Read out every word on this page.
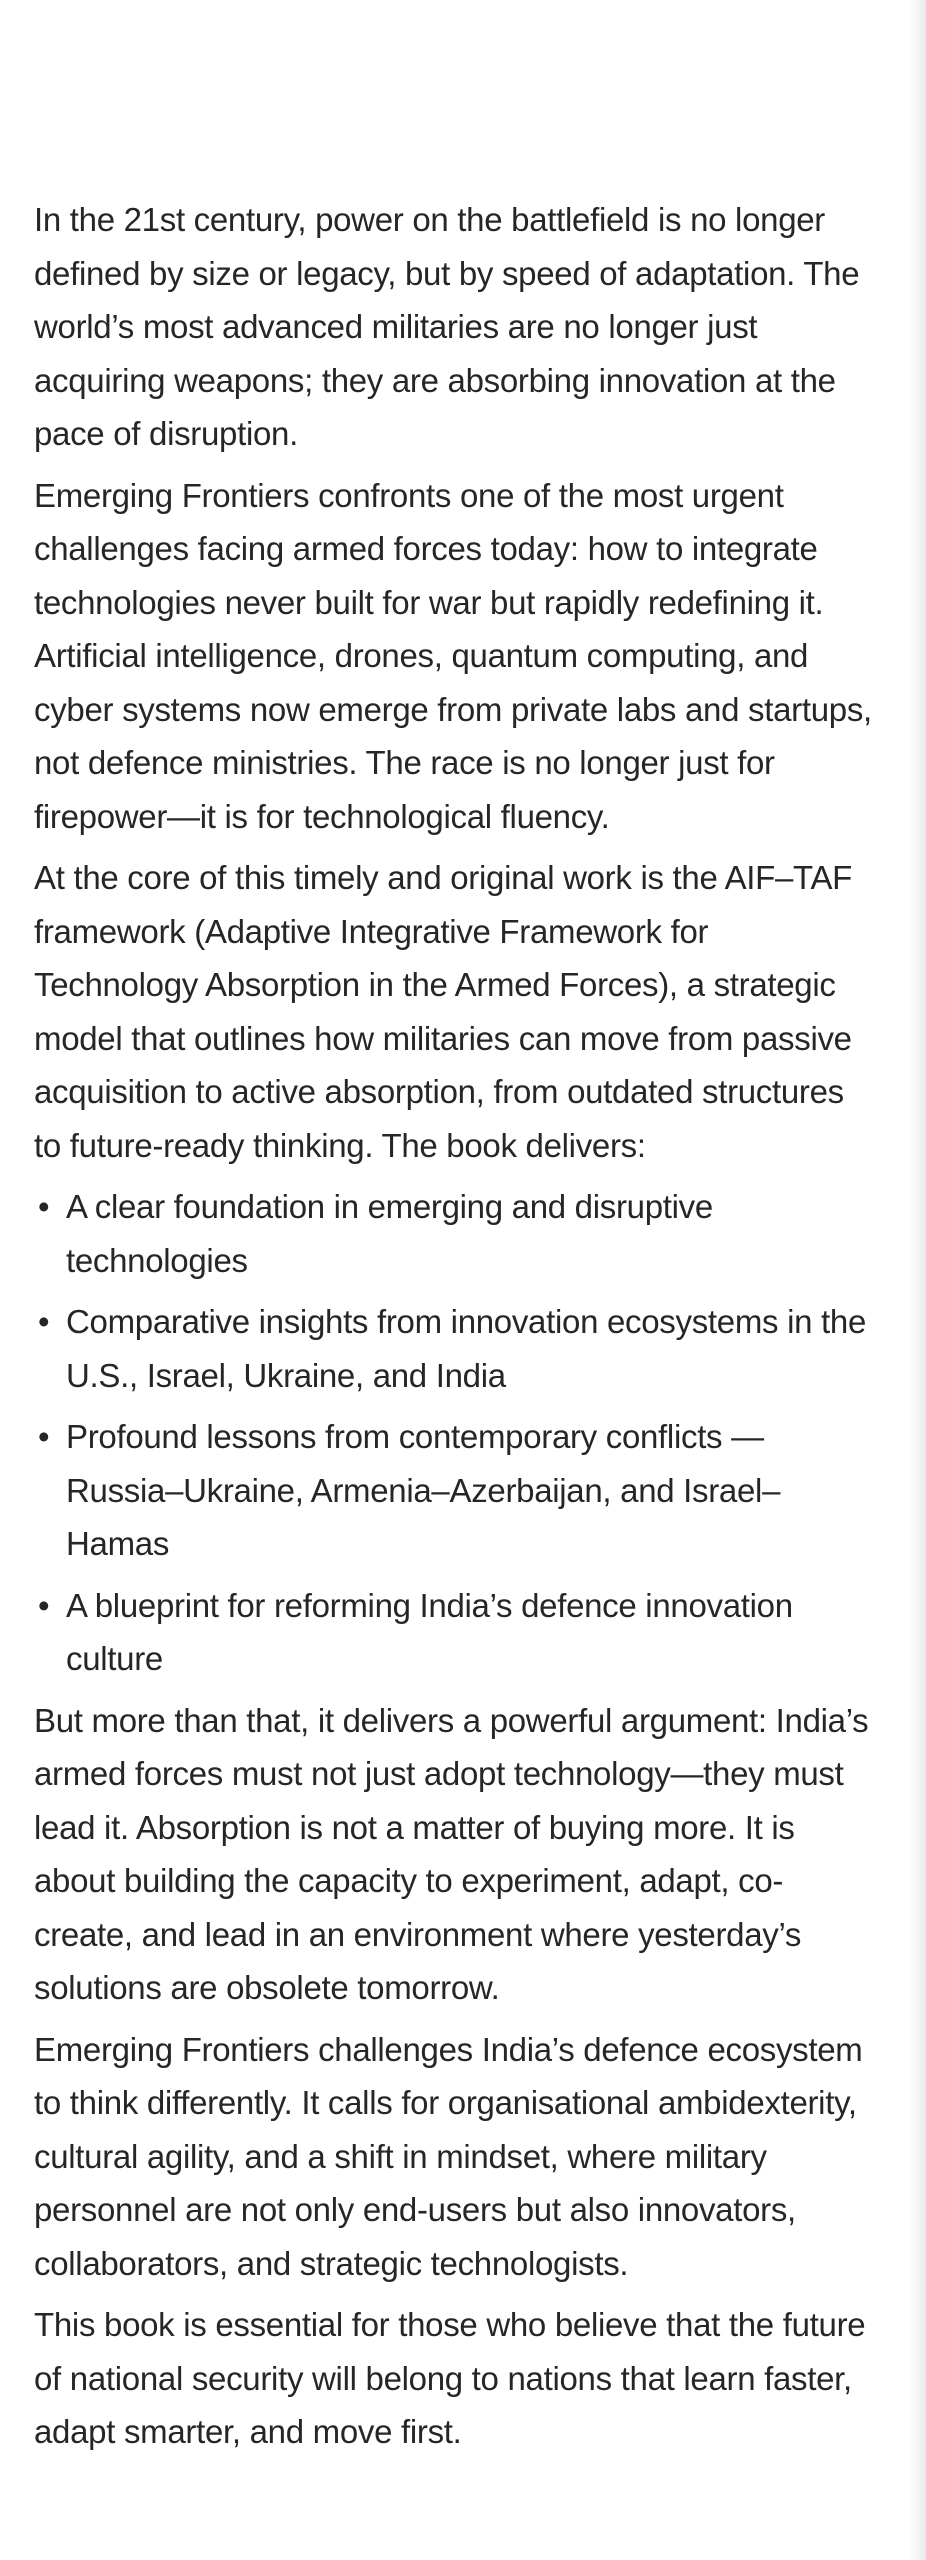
In the 21st century, power on the battlefield is no longer defined by size or legacy, but by speed of adaptation. The world’s most advanced militaries are no longer just acquiring weapons; they are absorbing innovation at the pace of disruption.

Emerging Frontiers confronts one of the most urgent challenges facing armed forces today: how to integrate technologies never built for war but rapidly redefining it. Artificial intelligence, drones, quantum computing, and cyber systems now emerge from private labs and startups, not defence ministries. The race is no longer just for firepower—it is for technological fluency.

At the core of this timely and original work is the AIF–TAF framework (Adaptive Integrative Framework for Technology Absorption in the Armed Forces), a strategic model that outlines how militaries can move from passive acquisition to active absorption, from outdated structures to future-ready thinking. The book delivers:

• A clear foundation in emerging and disruptive technologies
• Comparative insights from innovation ecosystems in the U.S., Israel, Ukraine, and India
• Profound lessons from contemporary conflicts — Russia–Ukraine, Armenia–Azerbaijan, and Israel–Hamas
• A blueprint for reforming India’s defence innovation culture

But more than that, it delivers a powerful argument: India’s armed forces must not just adopt technology—they must lead it. Absorption is not a matter of buying more. It is about building the capacity to experiment, adapt, co-create, and lead in an environment where yesterday’s solutions are obsolete tomorrow.

Emerging Frontiers challenges India’s defence ecosystem to think differently. It calls for organisational ambidexterity, cultural agility, and a shift in mindset, where military personnel are not only end-users but also innovators, collaborators, and strategic technologists.

This book is essential for those who believe that the future of national security will belong to nations that learn faster, adapt smarter, and move first.
